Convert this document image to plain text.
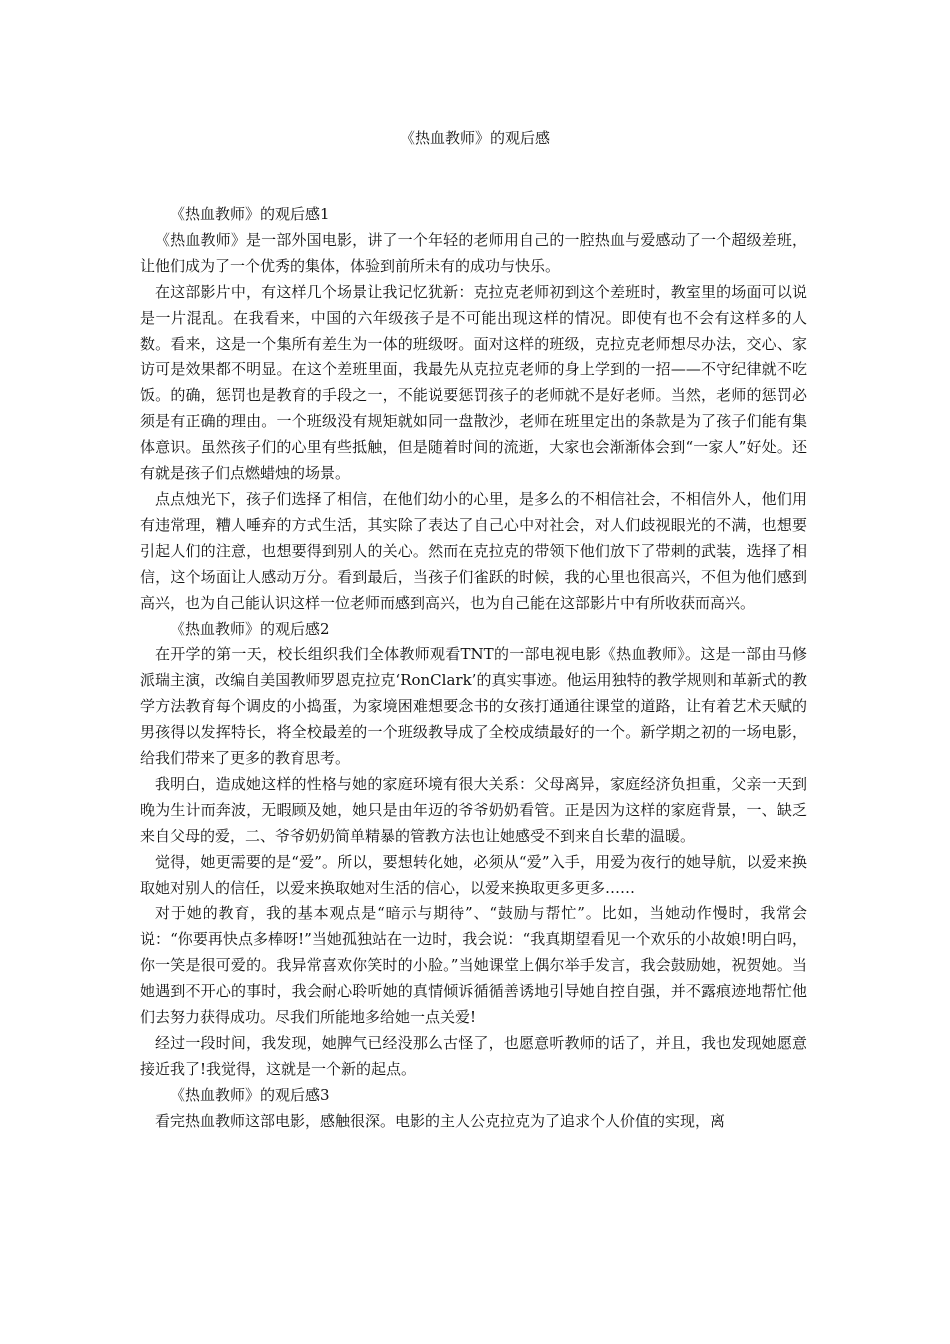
《热血教师》的观后感

《热血教师》的观后感1

《热血教师》是一部外国电影，讲了一个年轻的老师用自己的一腔热血与爱感动了一个超级差班，让他们成为了一个优秀的集体，体验到前所未有的成功与快乐。

在这部影片中，有这样几个场景让我记忆犹新：克拉克老师初到这个差班时，教室里的场面可以说是一片混乱。在我看来，中国的六年级孩子是不可能出现这样的情况。即使有也不会有这样多的人数。看来，这是一个集所有差生为一体的班级呀。面对这样的班级，克拉克老师想尽办法，交心、家访可是效果都不明显。在这个差班里面，我最先从克拉克老师的身上学到的一招——不守纪律就不吃饭。的确，惩罚也是教育的手段之一，不能说要惩罚孩子的老师就不是好老师。当然，老师的惩罚必须是有正确的理由。一个班级没有规矩就如同一盘散沙，老师在班里定出的条款是为了孩子们能有集体意识。虽然孩子们的心里有些抵触，但是随着时间的流逝，大家也会渐渐体会到“一家人”好处。还有就是孩子们点燃蜡烛的场景。

点点烛光下，孩子们选择了相信，在他们幼小的心里，是多么的不相信社会，不相信外人，他们用有违常理，糟人唾弃的方式生活，其实除了表达了自己心中对社会，对人们歧视眼光的不满，也想要引起人们的注意，也想要得到别人的关心。然而在克拉克的带领下他们放下了带刺的武装，选择了相信，这个场面让人感动万分。看到最后，当孩子们雀跃的时候，我的心里也很高兴，不但为他们感到高兴，也为自己能认识这样一位老师而感到高兴，也为自己能在这部影片中有所收获而高兴。

《热血教师》的观后感2

在开学的第一天，校长组织我们全体教师观看TNT的一部电视电影《热血教师》。这是一部由马修派瑞主演，改编自美国教师罗恩克拉克‘RonClark’的真实事迹。他运用独特的教学规则和革新式的教学方法教育每个调皮的小捣蛋，为家境困难想要念书的女孩打通通往课堂的道路，让有着艺术天赋的男孩得以发挥特长，将全校最差的一个班级教导成了全校成绩最好的一个。新学期之初的一场电影，给我们带来了更多的教育思考。

我明白，造成她这样的性格与她的家庭环境有很大关系：父母离异，家庭经济负担重，父亲一天到晚为生计而奔波，无暇顾及她，她只是由年迈的爷爷奶奶看管。正是因为这样的家庭背景，一、缺乏来自父母的爱，二、爷爷奶奶简单精暴的管教方法也让她感受不到来自长辈的温暖。

觉得，她更需要的是“爱”。所以，要想转化她，必须从“爱”入手，用爱为夜行的她导航，以爱来换取她对别人的信任，以爱来换取她对生活的信心，以爱来换取更多更多……

对于她的教育，我的基本观点是“暗示与期待”、“鼓励与帮忙”。比如，当她动作慢时，我常会说：“你要再快点多棒呀!”当她孤独站在一边时，我会说：“我真期望看见一个欢乐的小故娘!明白吗，你一笑是很可爱的。我异常喜欢你笑时的小脸。”当她课堂上偶尔举手发言，我会鼓励她，祝贺她。当她遇到不开心的事时，我会耐心聆听她的真情倾诉循循善诱地引导她自控自强，并不露痕迹地帮忙他们去努力获得成功。尽我们所能地多给她一点关爱!

经过一段时间，我发现，她脾气已经没那么古怪了，也愿意听教师的话了，并且，我也发现她愿意接近我了!我觉得，这就是一个新的起点。

《热血教师》的观后感3

看完热血教师这部电影，感触很深。电影的主人公克拉克为了追求个人价值的实现，离
